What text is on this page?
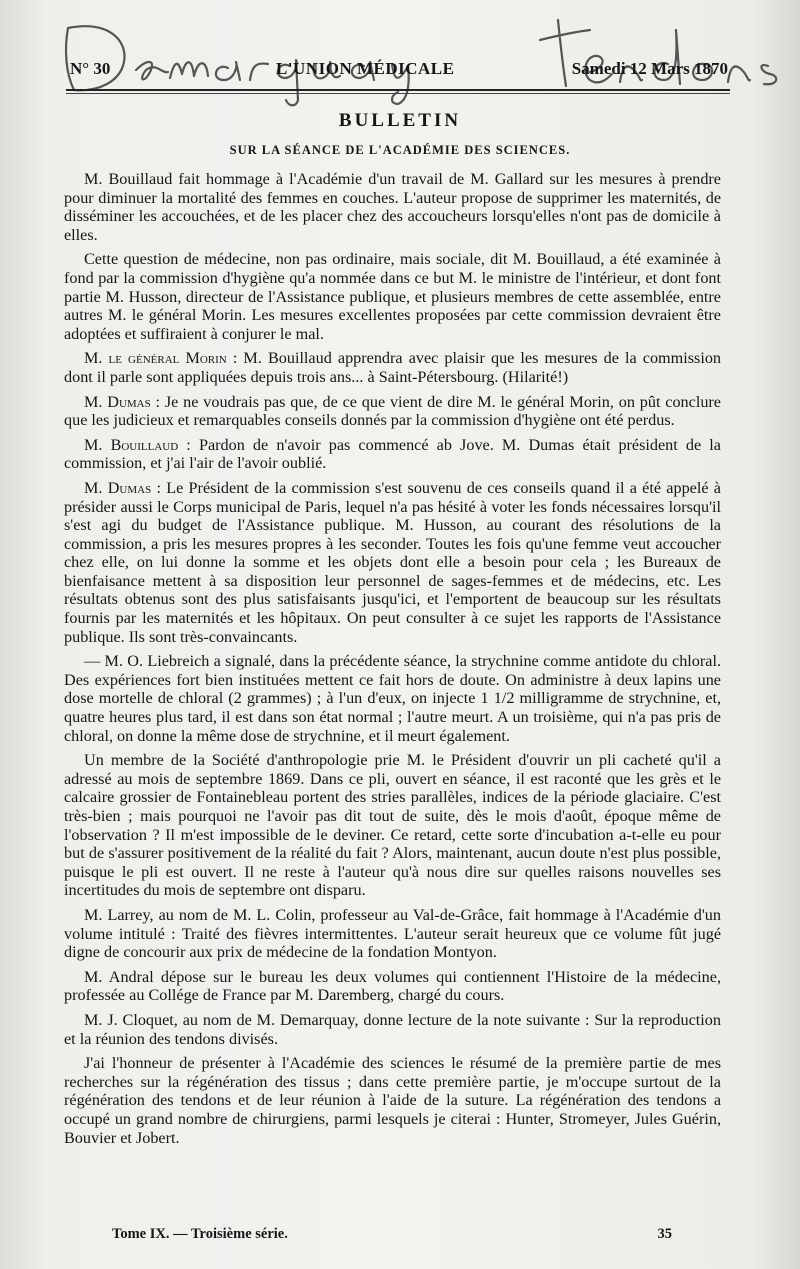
N° 30	L'UNION MÉDICALE	Samedi 12 Mars 1870
BULLETIN
SUR LA SÉANCE DE L'ACADÉMIE DES SCIENCES.

M. Bouillaud fait hommage à l'Académie d'un travail de M. Gallard sur les mesures à prendre pour diminuer la mortalité des femmes en couches. L'auteur propose de supprimer les maternités, de disséminer les accouchées, et de les placer chez des accoucheurs lorsqu'elles n'ont pas de domicile à elles.

Cette question de médecine, non pas ordinaire, mais sociale, dit M. Bouillaud, a été examinée à fond par la commission d'hygiène qu'a nommée dans ce but M. le ministre de l'intérieur, et dont font partie M. Husson, directeur de l'Assistance publique, et plusieurs membres de cette assemblée, entre autres M. le général Morin. Les mesures excellentes proposées par cette commission devraient être adoptées et suffiraient à conjurer le mal.

M. le général Morin : M. Bouillaud apprendra avec plaisir que les mesures de la commission dont il parle sont appliquées depuis trois ans... à Saint-Pétersbourg. (Hilarité!)

M. Dumas : Je ne voudrais pas que, de ce que vient de dire M. le général Morin, on pût conclure que les judicieux et remarquables conseils donnés par la commission d'hygiène ont été perdus.

M. Bouillaud : Pardon de n'avoir pas commencé ab Jove. M. Dumas était président de la commission, et j'ai l'air de l'avoir oublié.

M. Dumas : Le Président de la commission s'est souvenu de ces conseils quand il a été appelé à présider aussi le Corps municipal de Paris, lequel n'a pas hésité à voter les fonds nécessaires lorsqu'il s'est agi du budget de l'Assistance publique. M. Husson, au courant des résolutions de la commission, a pris les mesures propres à les seconder. Toutes les fois qu'une femme veut accoucher chez elle, on lui donne la somme et les objets dont elle a besoin pour cela ; les Bureaux de bienfaisance mettent à sa disposition leur personnel de sages-femmes et de médecins, etc. Les résultats obtenus sont des plus satisfaisants jusqu'ici, et l'emportent de beaucoup sur les résultats fournis par les maternités et les hôpitaux. On peut consulter à ce sujet les rapports de l'Assistance publique. Ils sont très-convaincants.

— M. O. Liebreich a signalé, dans la précédente séance, la strychnine comme antidote du chloral. Des expériences fort bien instituées mettent ce fait hors de doute. On administre à deux lapins une dose mortelle de chloral (2 grammes) ; à l'un d'eux, on injecte 1 1/2 milligramme de strychnine, et, quatre heures plus tard, il est dans son état normal ; l'autre meurt. A un troisième, qui n'a pas pris de chloral, on donne la même dose de strychnine, et il meurt également.

Un membre de la Société d'anthropologie prie M. le Président d'ouvrir un pli cacheté qu'il a adressé au mois de septembre 1869. Dans ce pli, ouvert en séance, il est raconté que les grès et le calcaire grossier de Fontainebleau portent des stries parallèles, indices de la période glaciaire. C'est très-bien ; mais pourquoi ne l'avoir pas dit tout de suite, dès le mois d'août, époque même de l'observation ? Il m'est impossible de le deviner. Ce retard, cette sorte d'incubation a-t-elle eu pour but de s'assurer positivement de la réalité du fait ? Alors, maintenant, aucun doute n'est plus possible, puisque le pli est ouvert. Il ne reste à l'auteur qu'à nous dire sur quelles raisons nouvelles ses incertitudes du mois de septembre ont disparu.

M. Larrey, au nom de M. L. Colin, professeur au Val-de-Grâce, fait hommage à l'Académie d'un volume intitulé : Traité des fièvres intermittentes. L'auteur serait heureux que ce volume fût jugé digne de concourir aux prix de médecine de la fondation Montyon.

M. Andral dépose sur le bureau les deux volumes qui contiennent l'Histoire de la médecine, professée au Collége de France par M. Daremberg, chargé du cours.

M. J. Cloquet, au nom de M. Demarquay, donne lecture de la note suivante : Sur la reproduction et la réunion des tendons divisés.

J'ai l'honneur de présenter à l'Académie des sciences le résumé de la première partie de mes recherches sur la régénération des tissus ; dans cette première partie, je m'occupe surtout de la régénération des tendons et de leur réunion à l'aide de la suture. La régénération des tendons a occupé un grand nombre de chirurgiens, parmi lesquels je citerai : Hunter, Stromeyer, Jules Guérin, Bouvier et Jobert.

Tome IX. — Troisième série.	35
